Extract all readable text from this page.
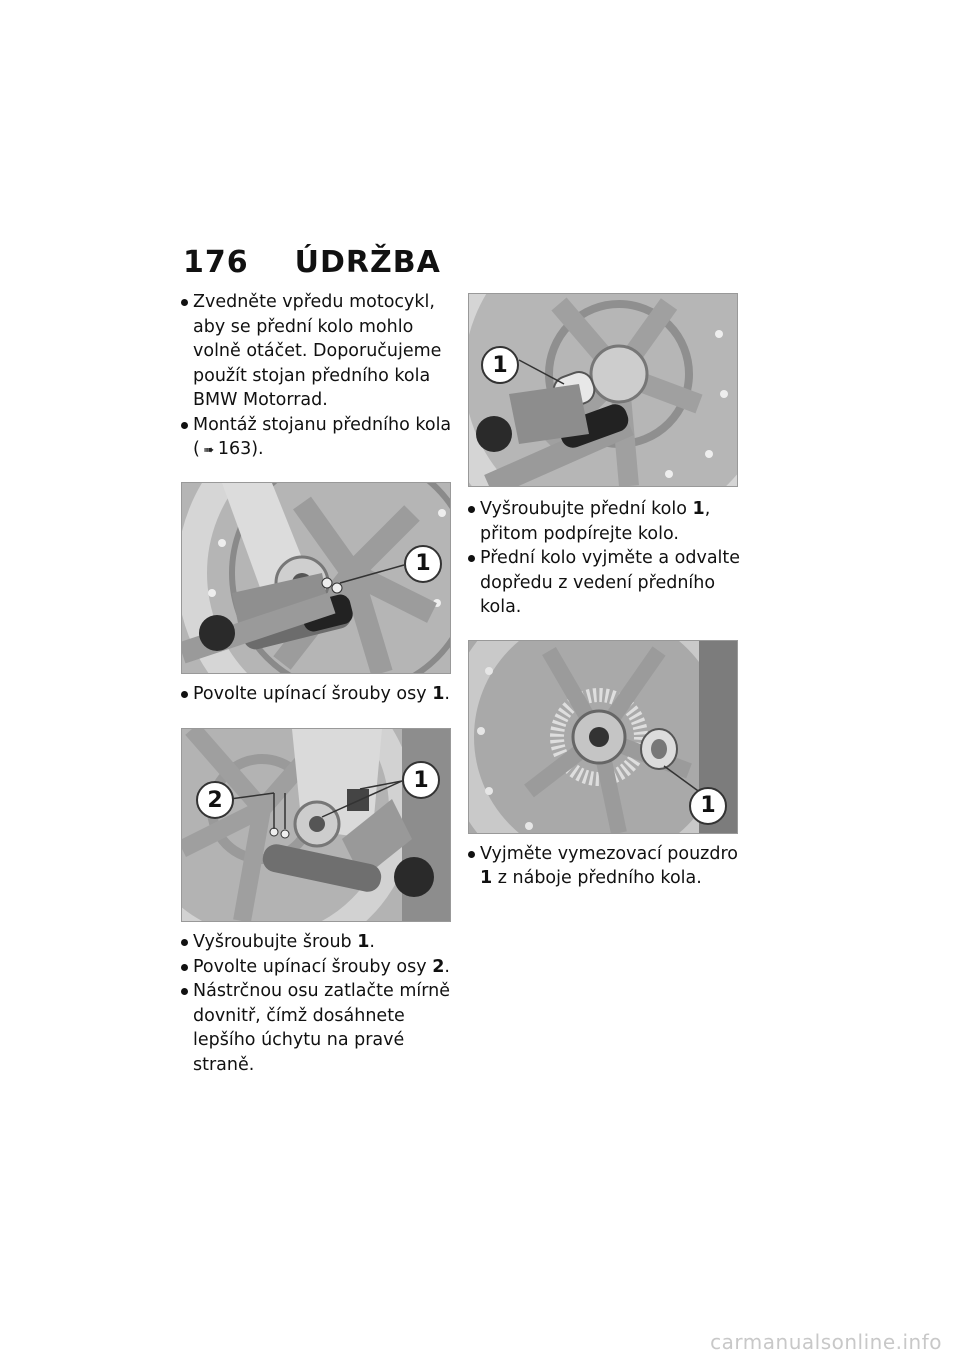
176 ÚDRŽBA
Zvedněte vpředu motocykl, aby se přední kolo mohlo volně otáčet. Doporučujeme použít stojan předního kola BMW Motorrad.
Montáž stojanu předního kola ( ➠ 163).
1
Povolte upínací šrouby osy 1.
2
1
Vyšroubujte šroub 1.
Povolte upínací šrouby osy 2.
Nástrčnou osu zatlačte mírně dovnitř, čímž dosáhnete lepšího úchytu na pravé straně.
1
Vyšroubujte přední kolo 1, přitom podpírejte kolo.
Přední kolo vyjměte a odvalte dopředu z vedení předního kola.
1
Vyjměte vymezovací pouzdro 1 z náboje předního kola.
carmanualsonline.info
